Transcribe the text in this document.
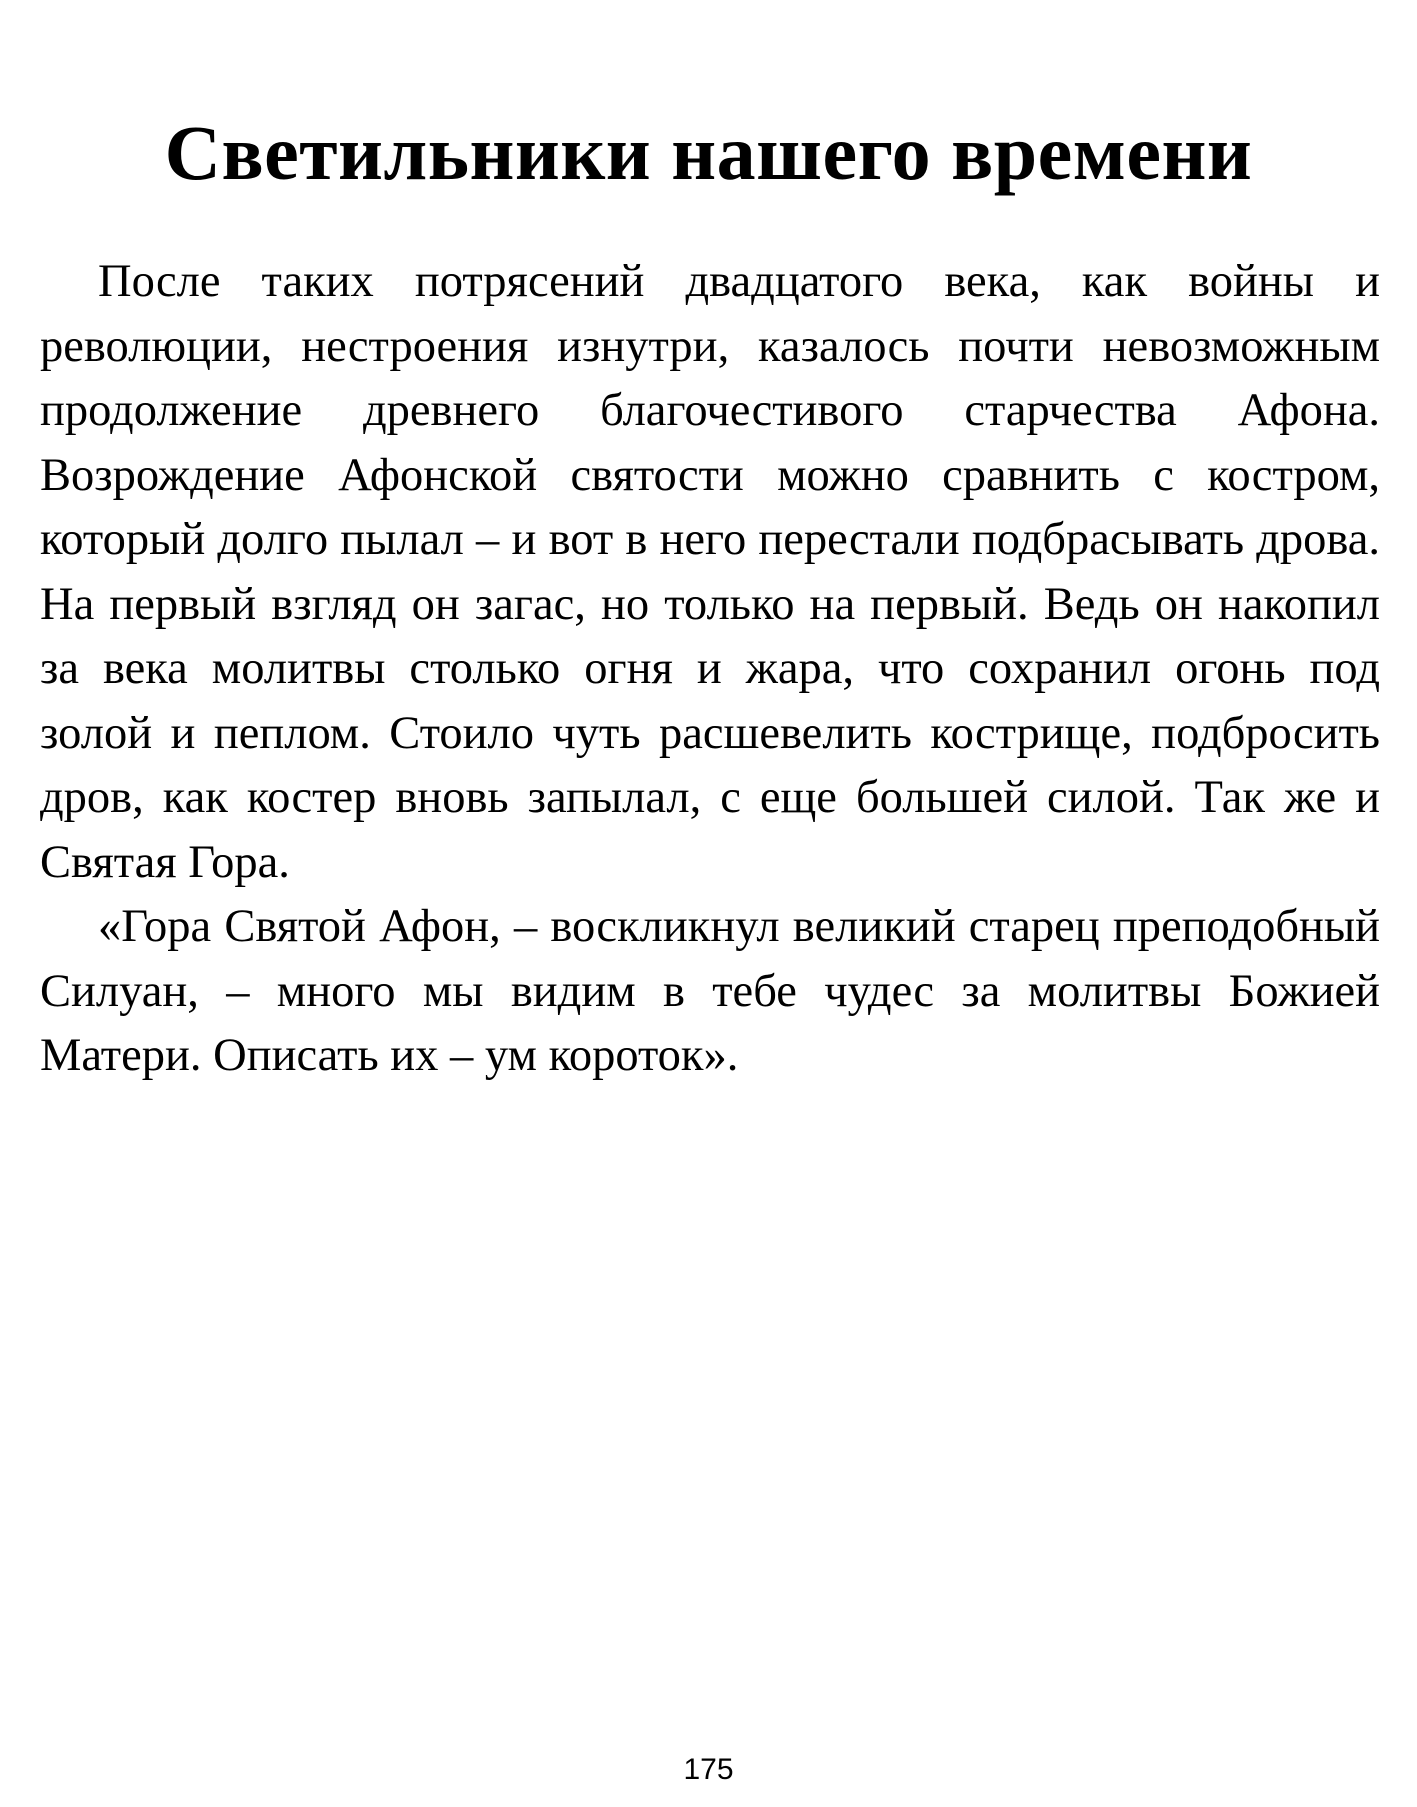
Светильники нашего времени

После таких потрясений двадцатого века, как войны и революции, нестроения изнутри, казалось почти невозможным продолжение древнего благочестивого старчества Афона. Возрождение Афонской святости можно сравнить с костром, который долго пылал – и вот в него перестали подбрасывать дрова. На первый взгляд он загас, но только на первый. Ведь он накопил за века молитвы столько огня и жара, что сохранил огонь под золой и пеплом. Стоило чуть расшевелить кострище, подбросить дров, как костер вновь запылал, с еще большей силой. Так же и Святая Гора.

«Гора Святой Афон, – воскликнул великий старец преподобный Силуан, – много мы видим в тебе чудес за молитвы Божией Матери. Описать их – ум короток».

175
